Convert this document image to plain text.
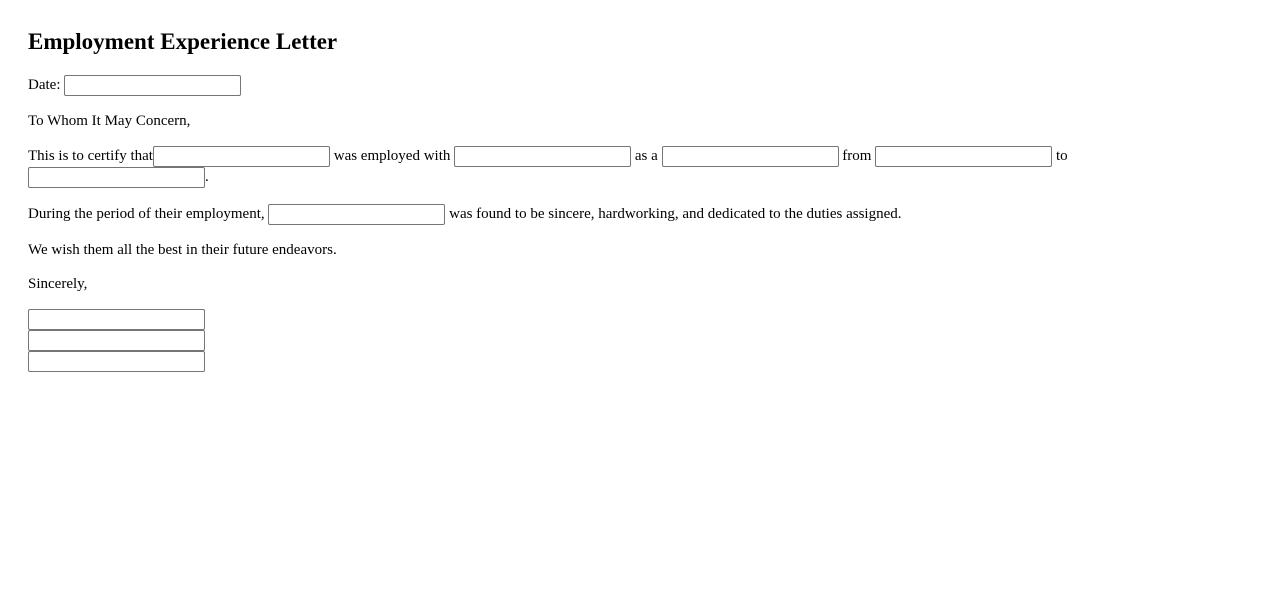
Employment Experience Letter
Date:
To Whom It May Concern,
This is to certify that	was employed with	as a	from	to
.
During the period of their employment,	was found to be sincere, hardworking, and dedicated to the duties assigned.
We wish them all the best in their future endeavors.
Sincerely,
